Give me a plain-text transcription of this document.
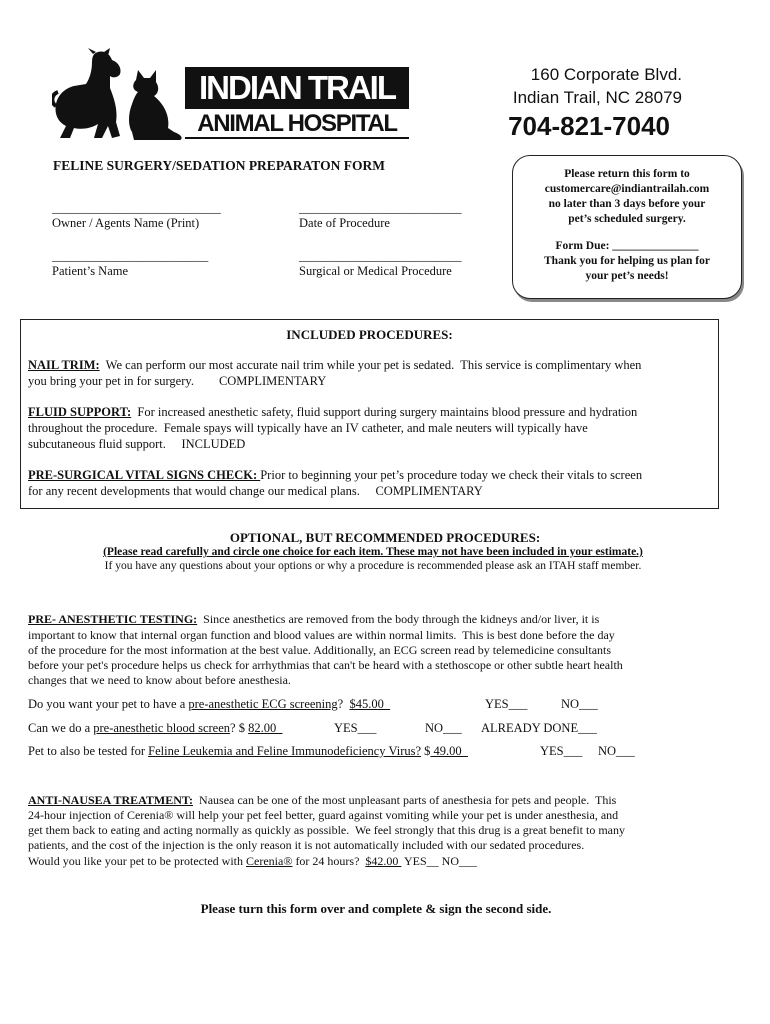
INDIAN TRAIL
ANIMAL HOSPITAL
160 Corporate Blvd.
Indian Trail, NC 28079
704-821-7040
FELINE SURGERY/SEDATION PREPARATON FORM
___________________________
Owner / Agents Name (Print)
__________________________
Date of Procedure
_________________________
Patient’s Name
__________________________
Surgical or Medical Procedure
Please return this form to
customercare@indiantrailah.com
no later than 3 days before your
pet’s scheduled surgery.
Form Due: _______________
Thank you for helping us plan for
your pet’s needs!
INCLUDED PROCEDURES:
NAIL TRIM:  We can perform our most accurate nail trim while your pet is sedated.  This service is complimentary when
you bring your pet in for surgery.        COMPLIMENTARY
FLUID SUPPORT:  For increased anesthetic safety, fluid support during surgery maintains blood pressure and hydration
throughout the procedure.  Female spays will typically have an IV catheter, and male neuters will typically have
subcutaneous fluid support.     INCLUDED
PRE-SURGICAL VITAL SIGNS CHECK: Prior to beginning your pet’s procedure today we check their vitals to screen
for any recent developments that would change our medical plans.     COMPLIMENTARY
OPTIONAL, BUT RECOMMENDED PROCEDURES:
(Please read carefully and circle one choice for each item. These may not have been included in your estimate.)
If you have any questions about your options or why a procedure is recommended please ask an ITAH staff member.
PRE- ANESTHETIC TESTING:  Since anesthetics are removed from the body through the kidneys and/or liver, it is
important to know that internal organ function and blood values are within normal limits.  This is best done before the day
of the procedure for the most information at the best value. Additionally, an ECG screen read by telemedicine consultants
before your pet's procedure helps us check for arrhythmias that can't be heard with a stethoscope or other subtle heart health
changes that we need to know about before anesthesia.
Do you want your pet to have a pre-anesthetic ECG screening?  $45.00	YES___	NO___
Can we do a pre-anesthetic blood screen? $ 82.00	YES___	NO___ ALREADY DONE___
Pet to also be tested for Feline Leukemia and Feline Immunodeficiency Virus? $ 49.00	YES___ NO___
ANTI-NAUSEA TREATMENT:  Nausea can be one of the most unpleasant parts of anesthesia for pets and people.  This
24-hour injection of Cerenia® will help your pet feel better, guard against vomiting while your pet is under anesthesia, and
get them back to eating and acting normally as quickly as possible.  We feel strongly that this drug is a great benefit to many
patients, and the cost of the injection is the only reason it is not automatically included with our sedated procedures.
Would you like your pet to be protected with Cerenia® for 24 hours?  $42.00  YES__ NO___
Please turn this form over and complete & sign the second side.
